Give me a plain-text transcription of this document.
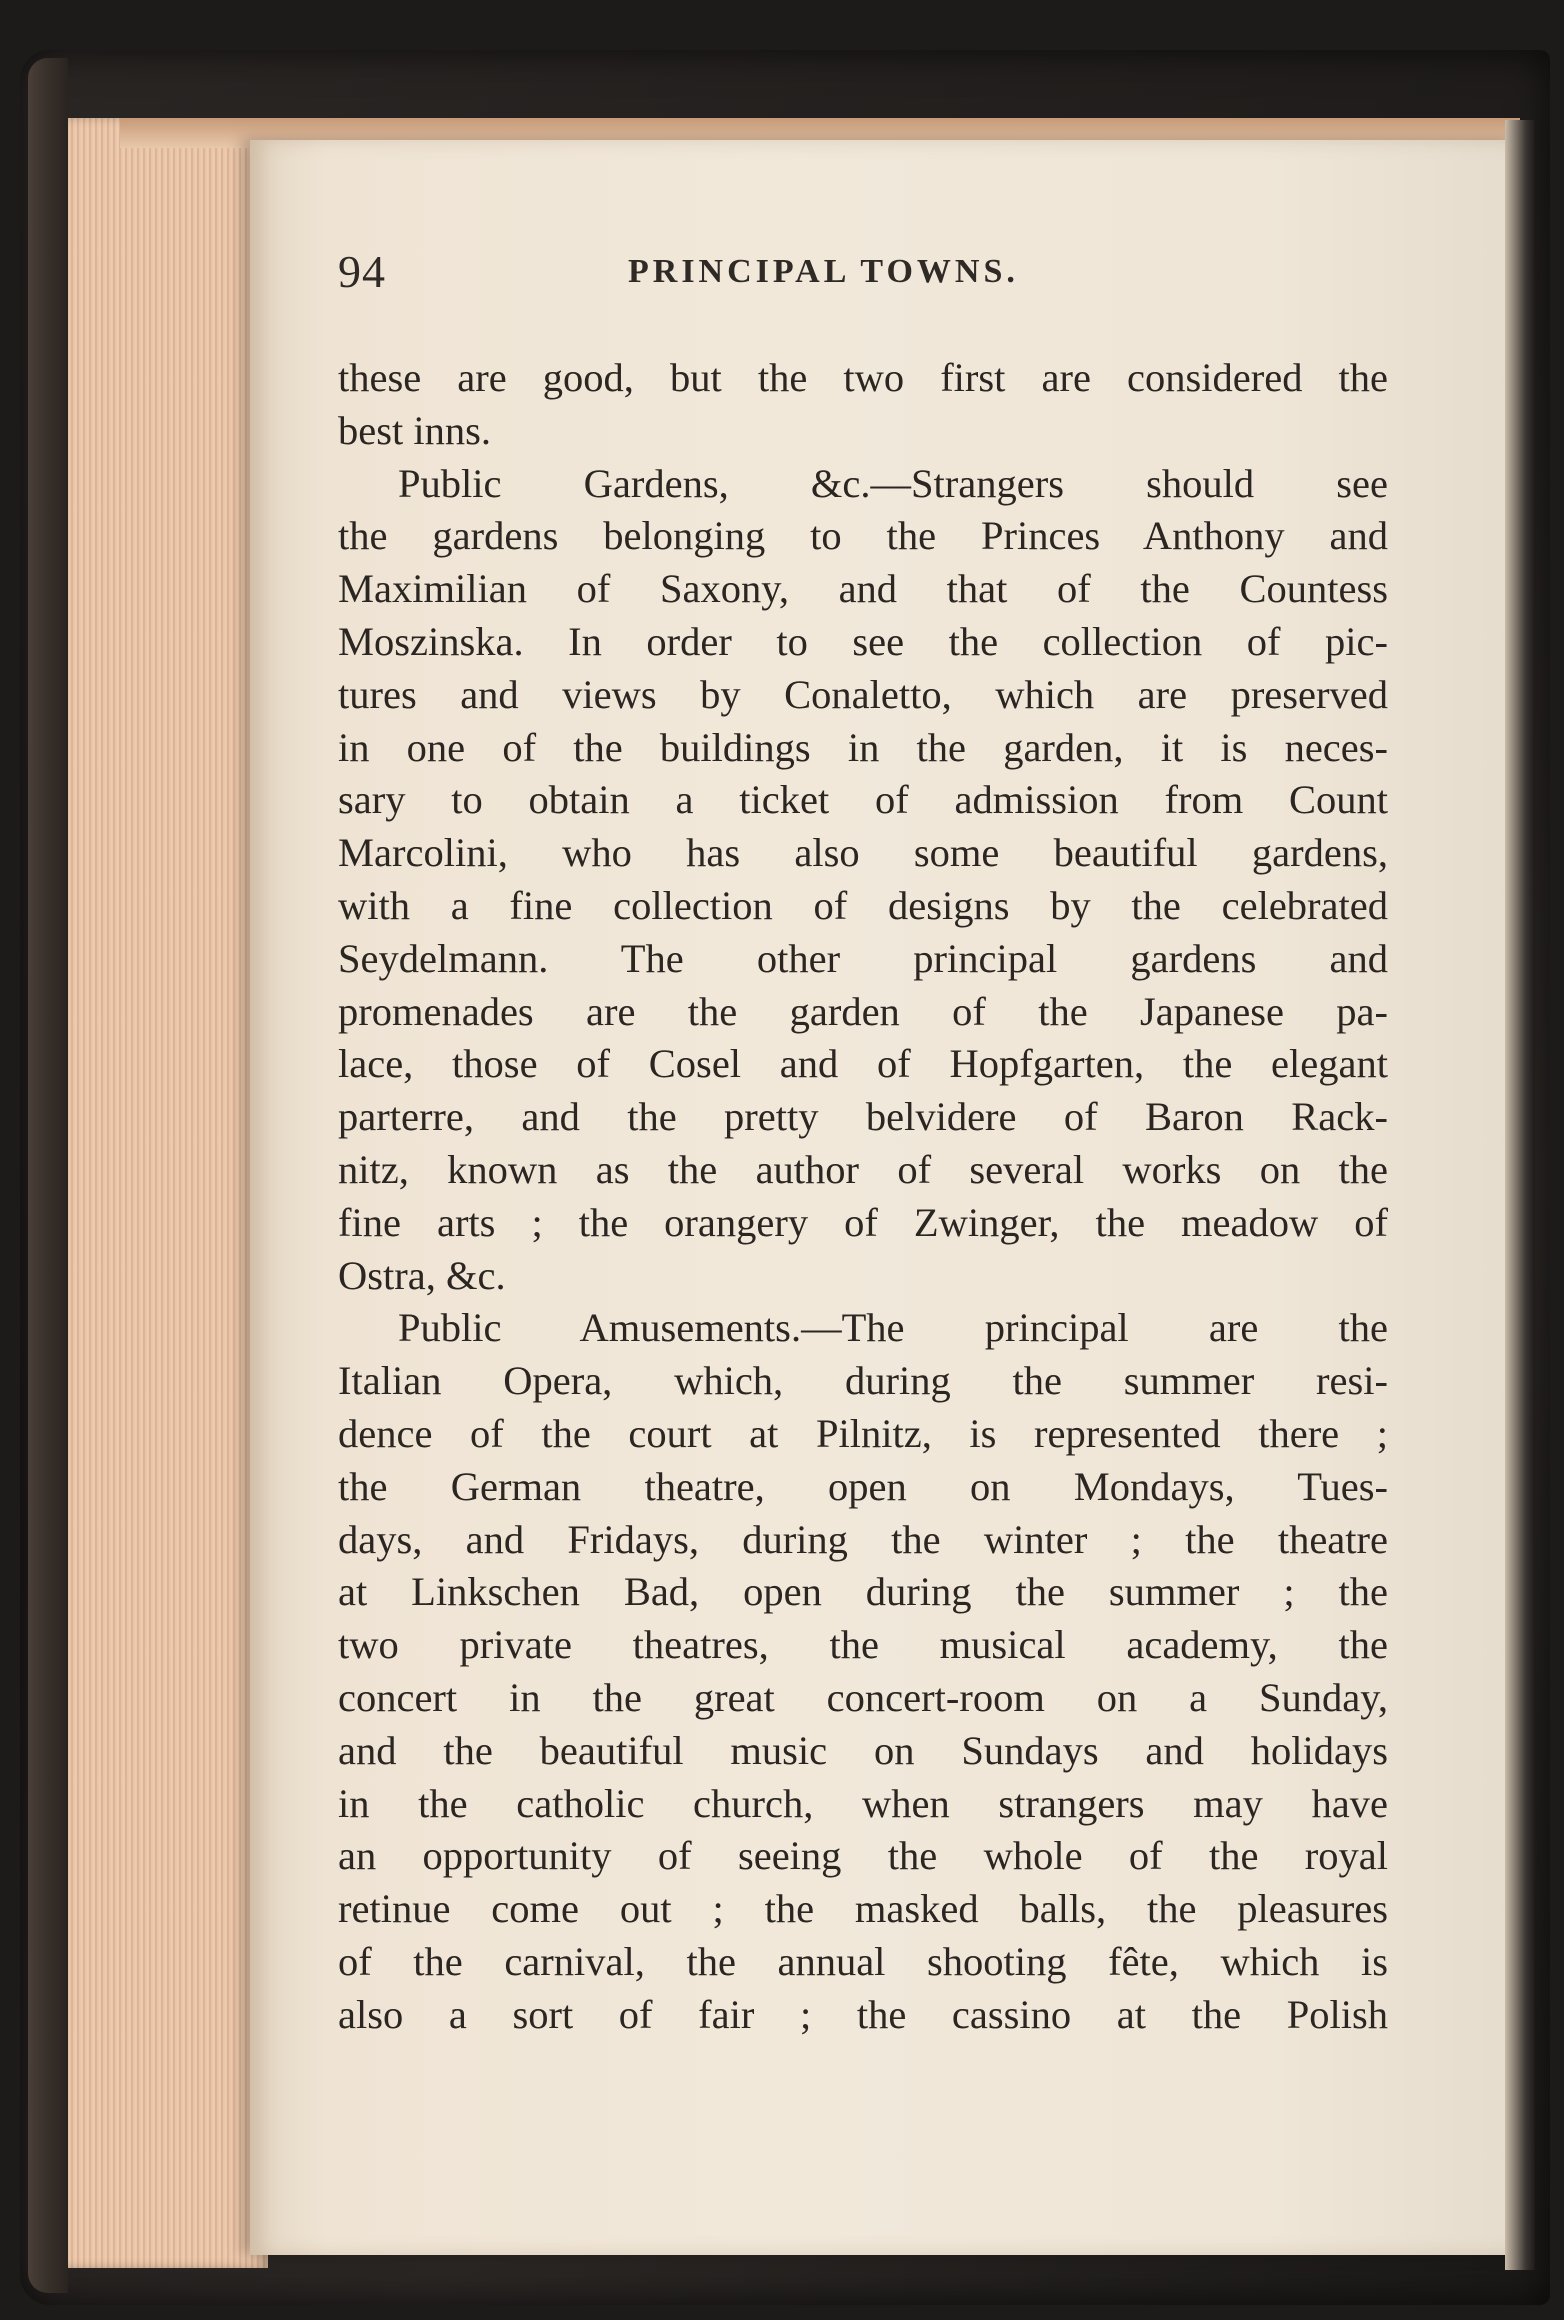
94	PRINCIPAL TOWNS.
these are good, but the two first are considered the
best inns.
Public Gardens, &c.—Strangers should see
the gardens belonging to the Princes Anthony and
Maximilian of Saxony, and that of the Countess
Moszinska. In order to see the collection of pic-
tures and views by Conaletto, which are preserved
in one of the buildings in the garden, it is neces-
sary to obtain a ticket of admission from Count
Marcolini, who has also some beautiful gardens,
with a fine collection of designs by the celebrated
Seydelmann. The other principal gardens and
promenades are the garden of the Japanese pa-
lace, those of Cosel and of Hopfgarten, the elegant
parterre, and the pretty belvidere of Baron Rack-
nitz, known as the author of several works on the
fine arts ; the orangery of Zwinger, the meadow of
Ostra, &c.
Public Amusements.—The principal are the
Italian Opera, which, during the summer resi-
dence of the court at Pilnitz, is represented there ;
the German theatre, open on Mondays, Tues-
days, and Fridays, during the winter ; the theatre
at Linkschen Bad, open during the summer ; the
two private theatres, the musical academy, the
concert in the great concert-room on a Sunday,
and the beautiful music on Sundays and holidays
in the catholic church, when strangers may have
an opportunity of seeing the whole of the royal
retinue come out ; the masked balls, the pleasures
of the carnival, the annual shooting fête, which is
also a sort of fair ; the cassino at the Polish
